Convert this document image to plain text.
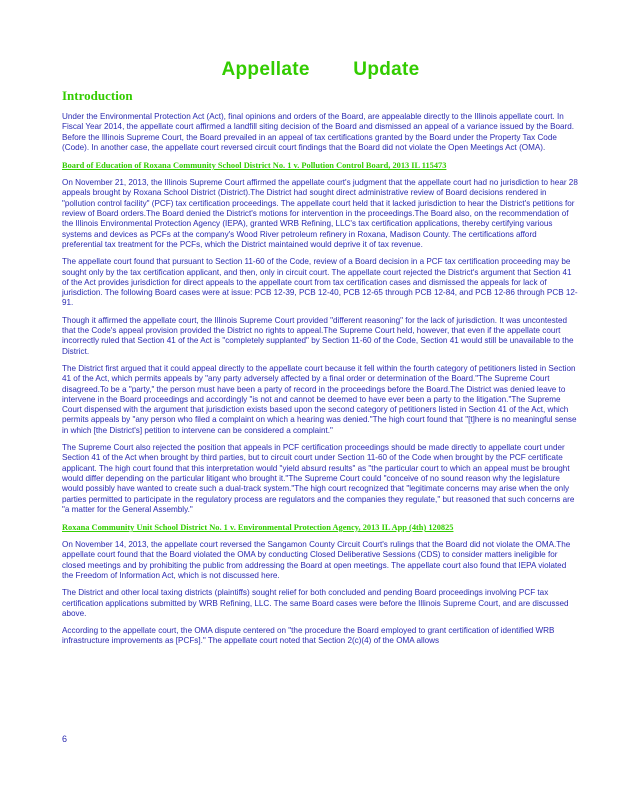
Appellate Update
Introduction

Under the Environmental Protection Act (Act), final opinions and orders of the Board, are appealable directly to the Illinois appellate court. In Fiscal Year 2014, the appellate court affirmed a landfill siting decision of the Board and dismissed an appeal of a variance issued by the Board. Before the Illinois Supreme Court, the Board prevailed in an appeal of tax certifications granted by the Board under the Property Tax Code (Code). In another case, the appellate court reversed circuit court findings that the Board did not violate the Open Meetings Act (OMA).

Board of Education of Roxana Community School District No. 1 v. Pollution Control Board, 2013 IL 115473

On November 21, 2013, the Illinois Supreme Court affirmed the appellate court's judgment that the appellate court had no jurisdiction to hear 28 appeals brought by Roxana School District (District).The District had sought direct administrative review of Board decisions rendered in "pollution control facility" (PCF) tax certification proceedings. The appellate court held that it lacked jurisdiction to hear the District's petitions for review of Board orders.The Board denied the District's motions for intervention in the proceedings.The Board also, on the recommendation of the Illinois Environmental Protection Agency (IEPA), granted WRB Refining, LLC's tax certification applications, thereby certifying various systems and devices as PCFs at the company's Wood River petroleum refinery in Roxana, Madison County. The certifications afford preferential tax treatment for the PCFs, which the District maintained would deprive it of tax revenue.

The appellate court found that pursuant to Section 11-60 of the Code, review of a Board decision in a PCF tax certification proceeding may be sought only by the tax certification applicant, and then, only in circuit court. The appellate court rejected the District's argument that Section 41 of the Act provides jurisdiction for direct appeals to the appellate court from tax certification cases and dismissed the appeals for lack of jurisdiction. The following Board cases were at issue: PCB 12-39, PCB 12-40, PCB 12-65 through PCB 12-84, and PCB 12-86 through PCB 12-91.

Though it affirmed the appellate court, the Illinois Supreme Court provided "different reasoning" for the lack of jurisdiction. It was uncontested that the Code's appeal provision provided the District no rights to appeal.The Supreme Court held, however, that even if the appellate court incorrectly ruled that Section 41 of the Act is "completely supplanted" by Section 11-60 of the Code, Section 41 would still be unavailable to the District.

The District first argued that it could appeal directly to the appellate court because it fell within the fourth category of petitioners listed in Section 41 of the Act, which permits appeals by "any party adversely affected by a final order or determination of the Board."The Supreme Court disagreed.To be a "party," the person must have been a party of record in the proceedings before the Board.The District was denied leave to intervene in the Board proceedings and accordingly "is not and cannot be deemed to have ever been a party to the litigation."The Supreme Court dispensed with the argument that jurisdiction exists based upon the second category of petitioners listed in Section 41 of the Act, which permits appeals by "any person who filed a complaint on which a hearing was denied."The high court found that "[t]here is no meaningful sense in which [the District's] petition to intervene can be considered a complaint."

The Supreme Court also rejected the position that appeals in PCF certification proceedings should be made directly to appellate court under Section 41 of the Act when brought by third parties, but to circuit court under Section 11-60 of the Code when brought by the PCF certificate applicant. The high court found that this interpretation would "yield absurd results" as "the particular court to which an appeal must be brought would differ depending on the particular litigant who brought it."The Supreme Court could "conceive of no sound reason why the legislature would possibly have wanted to create such a dual-track system."The high court recognized that "legitimate concerns may arise when the only parties permitted to participate in the regulatory process are regulators and the companies they regulate," but reasoned that such concerns are "a matter for the General Assembly."

Roxana Community Unit School District No. 1 v. Environmental Protection Agency, 2013 IL App (4th) 120825

On November 14, 2013, the appellate court reversed the Sangamon County Circuit Court's rulings that the Board did not violate the OMA.The appellate court found that the Board violated the OMA by conducting Closed Deliberative Sessions (CDS) to consider matters ineligible for closed meetings and by prohibiting the public from addressing the Board at open meetings. The appellate court also found that IEPA violated the Freedom of Information Act, which is not discussed here.

The District and other local taxing districts (plaintiffs) sought relief for both concluded and pending Board proceedings involving PCF tax certification applications submitted by WRB Refining, LLC. The same Board cases were before the Illinois Supreme Court, and are discussed above.

According to the appellate court, the OMA dispute centered on "the procedure the Board employed to grant certification of identified WRB infrastructure improvements as [PCFs]." The appellate court noted that Section 2(c)(4) of the OMA allows

6
